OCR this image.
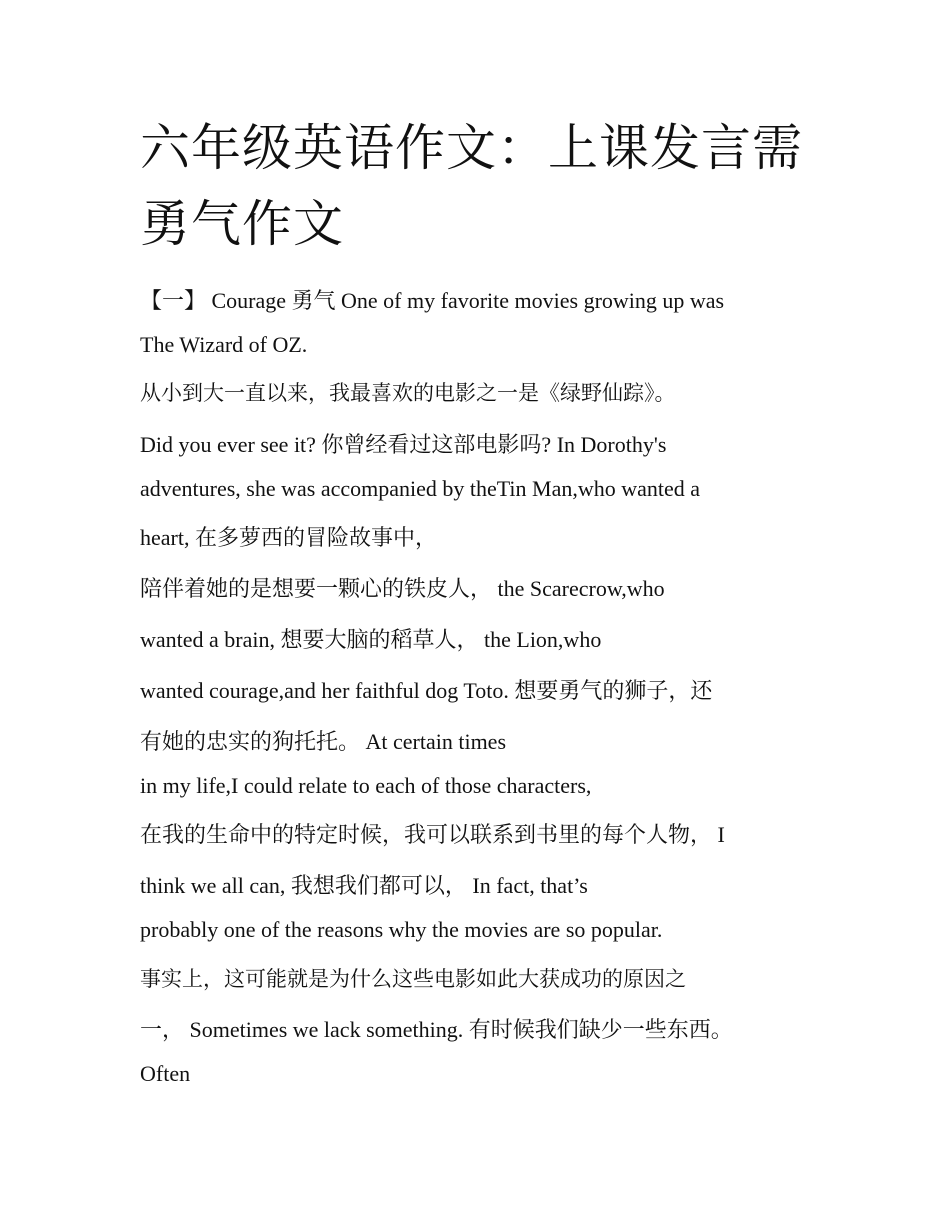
六年级英语作文：上课发言需
勇气作文

【一】 Courage 勇气 One of my favorite movies growing up was

The Wizard of OZ.

从小到大一直以来，我最喜欢的电影之一是《绿野仙踪》。

Did you ever see it? 你曾经看过这部电影吗? In Dorothy's

adventures, she was accompanied by theTin Man,who wanted a

heart, 在多萝西的冒险故事中，

陪伴着她的是想要一颗心的铁皮人， the Scarecrow,who

wanted a brain, 想要大脑的稻草人， the Lion,who

wanted courage,and her faithful dog Toto. 想要勇气的狮子，还

有她的忠实的狗托托。 At certain times

in my life,I could relate to each of those characters,

在我的生命中的特定时候，我可以联系到书里的每个人物， I

think we all can, 我想我们都可以， In fact, that’s

probably one of the reasons why the movies are so popular.

事实上，这可能就是为什么这些电影如此大获成功的原因之

一， Sometimes we lack something. 有时候我们缺少一些东西。

Often
